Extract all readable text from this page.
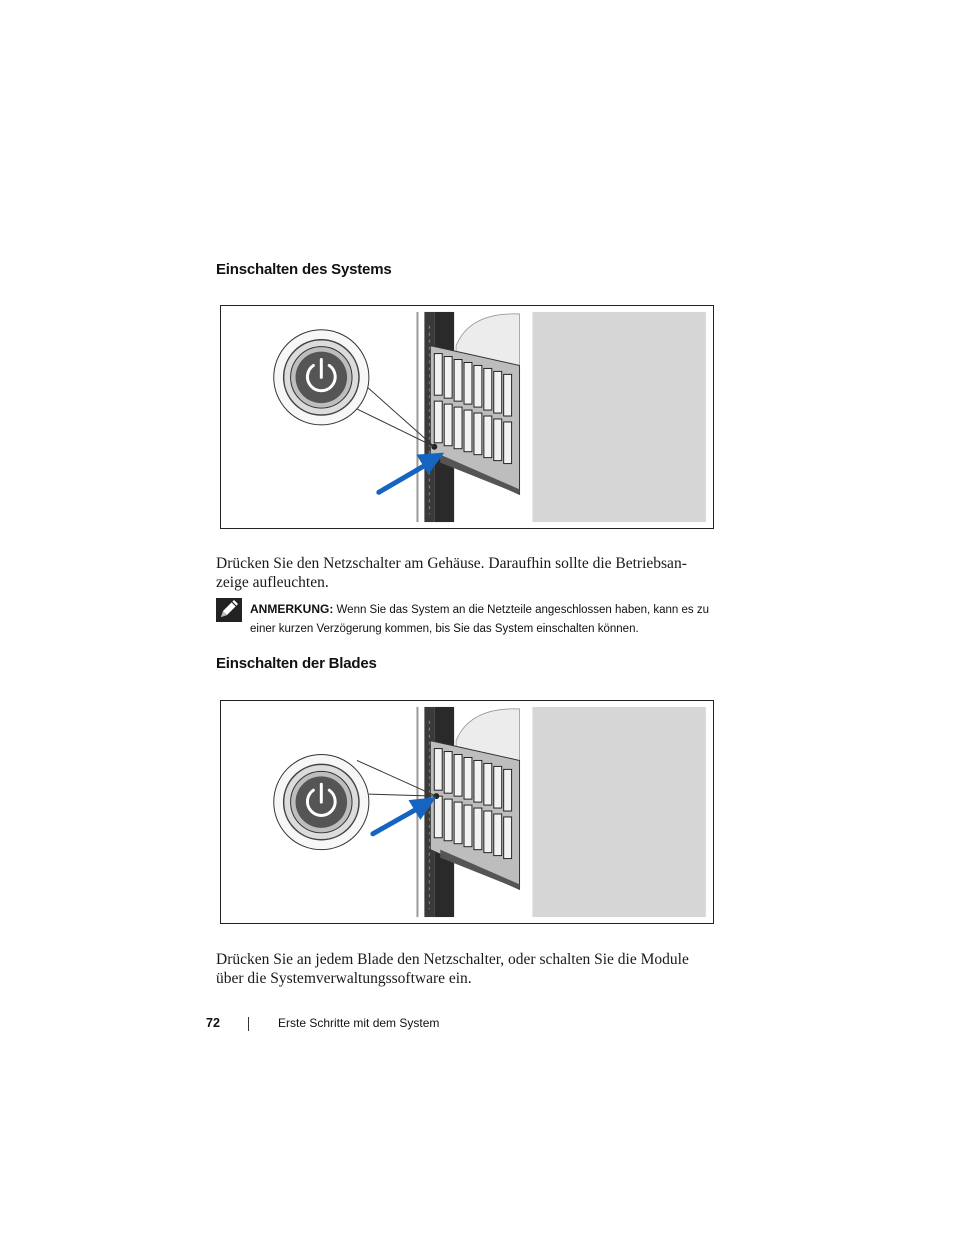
Einschalten des Systems

Drücken Sie den Netzschalter am Gehäuse. Daraufhin sollte die Betriebsan-zeige aufleuchten.

ANMERKUNG: Wenn Sie das System an die Netzteile angeschlossen haben, kann es zu einer kurzen Verzögerung kommen, bis Sie das System einschalten können.

Einschalten der Blades

Drücken Sie an jedem Blade den Netzschalter, oder schalten Sie die Module über die Systemverwaltungssoftware ein.

72	Erste Schritte mit dem System
